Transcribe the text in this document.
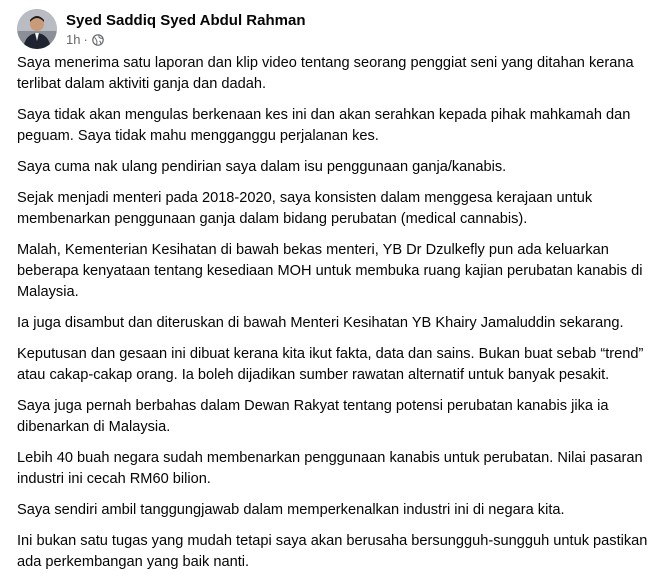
Syed Saddiq Syed Abdul Rahman
1h ·

Saya menerima satu laporan dan klip video tentang seorang penggiat seni yang ditahan kerana
terlibat dalam aktiviti ganja dan dadah.

Saya tidak akan mengulas berkenaan kes ini dan akan serahkan kepada pihak mahkamah dan
peguam. Saya tidak mahu mengganggu perjalanan kes.

Saya cuma nak ulang pendirian saya dalam isu penggunaan ganja/kanabis.

Sejak menjadi menteri pada 2018-2020, saya konsisten dalam menggesa kerajaan untuk
membenarkan penggunaan ganja dalam bidang perubatan (medical cannabis).

Malah, Kementerian Kesihatan di bawah bekas menteri, YB Dr Dzulkefly pun ada keluarkan
beberapa kenyataan tentang kesediaan MOH untuk membuka ruang kajian perubatan kanabis di
Malaysia.

Ia juga disambut dan diteruskan di bawah Menteri Kesihatan YB Khairy Jamaluddin sekarang.

Keputusan dan gesaan ini dibuat kerana kita ikut fakta, data dan sains. Bukan buat sebab “trend”
atau cakap-cakap orang. Ia boleh dijadikan sumber rawatan alternatif untuk banyak pesakit.

Saya juga pernah berbahas dalam Dewan Rakyat tentang potensi perubatan kanabis jika ia
dibenarkan di Malaysia.

Lebih 40 buah negara sudah membenarkan penggunaan kanabis untuk perubatan. Nilai pasaran
industri ini cecah RM60 bilion.

Saya sendiri ambil tanggungjawab dalam memperkenalkan industri ini di negara kita.

Ini bukan satu tugas yang mudah tetapi saya akan berusaha bersungguh-sungguh untuk pastikan
ada perkembangan yang baik nanti.
